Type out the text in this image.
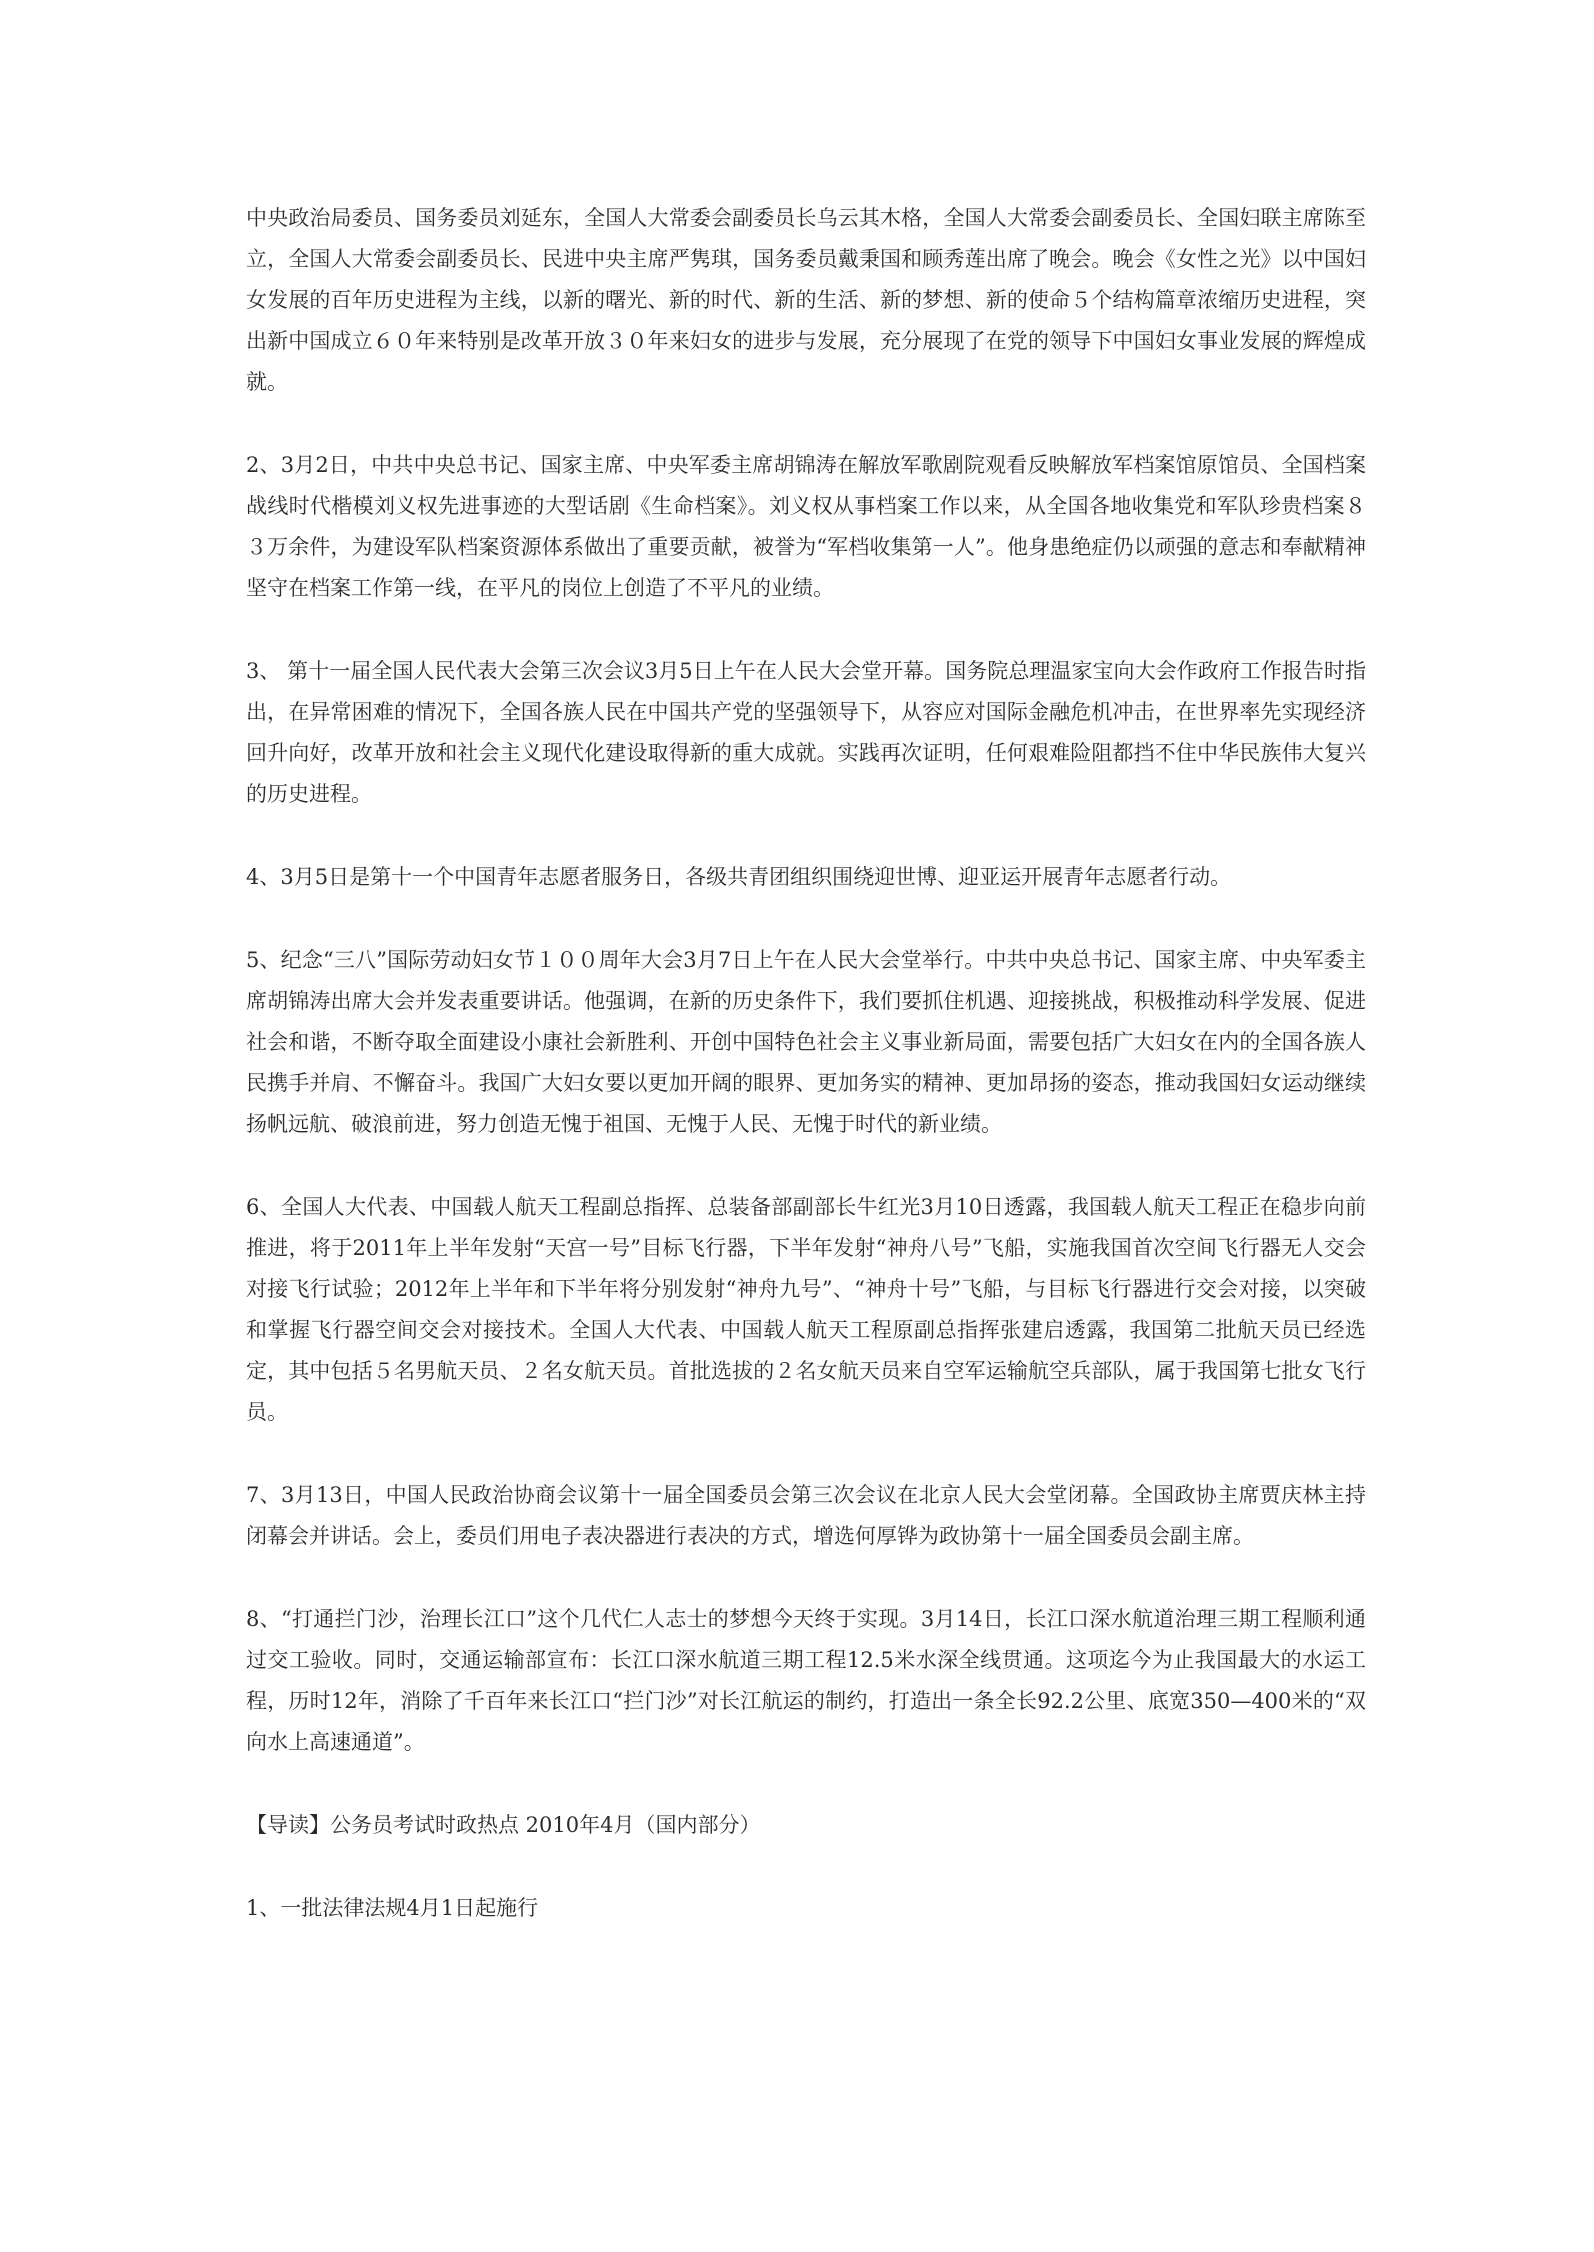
中央政治局委员、国务委员刘延东，全国人大常委会副委员长乌云其木格，全国人大常委会副委员长、全国妇联主席陈至立，全国人大常委会副委员长、民进中央主席严隽琪，国务委员戴秉国和顾秀莲出席了晚会。晚会《女性之光》以中国妇女发展的百年历史进程为主线，以新的曙光、新的时代、新的生活、新的梦想、新的使命５个结构篇章浓缩历史进程，突出新中国成立６０年来特别是改革开放３０年来妇女的进步与发展，充分展现了在党的领导下中国妇女事业发展的辉煌成就。

2、3月2日，中共中央总书记、国家主席、中央军委主席胡锦涛在解放军歌剧院观看反映解放军档案馆原馆员、全国档案战线时代楷模刘义权先进事迹的大型话剧《生命档案》。刘义权从事档案工作以来，从全国各地收集党和军队珍贵档案８３万余件，为建设军队档案资源体系做出了重要贡献，被誉为“军档收集第一人”。他身患绝症仍以顽强的意志和奉献精神坚守在档案工作第一线，在平凡的岗位上创造了不平凡的业绩。

3、 第十一届全国人民代表大会第三次会议3月5日上午在人民大会堂开幕。国务院总理温家宝向大会作政府工作报告时指出，在异常困难的情况下，全国各族人民在中国共产党的坚强领导下，从容应对国际金融危机冲击，在世界率先实现经济回升向好，改革开放和社会主义现代化建设取得新的重大成就。实践再次证明，任何艰难险阻都挡不住中华民族伟大复兴的历史进程。

4、3月5日是第十一个中国青年志愿者服务日，各级共青团组织围绕迎世博、迎亚运开展青年志愿者行动。

5、纪念“三八”国际劳动妇女节１００周年大会3月7日上午在人民大会堂举行。中共中央总书记、国家主席、中央军委主席胡锦涛出席大会并发表重要讲话。他强调，在新的历史条件下，我们要抓住机遇、迎接挑战，积极推动科学发展、促进社会和谐，不断夺取全面建设小康社会新胜利、开创中国特色社会主义事业新局面，需要包括广大妇女在内的全国各族人民携手并肩、不懈奋斗。我国广大妇女要以更加开阔的眼界、更加务实的精神、更加昂扬的姿态，推动我国妇女运动继续扬帆远航、破浪前进，努力创造无愧于祖国、无愧于人民、无愧于时代的新业绩。

6、全国人大代表、中国载人航天工程副总指挥、总装备部副部长牛红光3月10日透露，我国载人航天工程正在稳步向前推进，将于2011年上半年发射“天宫一号”目标飞行器，下半年发射“神舟八号”飞船，实施我国首次空间飞行器无人交会对接飞行试验；2012年上半年和下半年将分别发射“神舟九号”、“神舟十号”飞船，与目标飞行器进行交会对接，以突破和掌握飞行器空间交会对接技术。全国人大代表、中国载人航天工程原副总指挥张建启透露，我国第二批航天员已经选定，其中包括５名男航天员、２名女航天员。首批选拔的２名女航天员来自空军运输航空兵部队，属于我国第七批女飞行员。

7、3月13日，中国人民政治协商会议第十一届全国委员会第三次会议在北京人民大会堂闭幕。全国政协主席贾庆林主持闭幕会并讲话。会上，委员们用电子表决器进行表决的方式，增选何厚铧为政协第十一届全国委员会副主席。

8、“打通拦门沙，治理长江口”这个几代仁人志士的梦想今天终于实现。3月14日，长江口深水航道治理三期工程顺利通过交工验收。同时，交通运输部宣布：长江口深水航道三期工程12.5米水深全线贯通。这项迄今为止我国最大的水运工程，历时12年，消除了千百年来长江口“拦门沙”对长江航运的制约，打造出一条全长92.2公里、底宽350—400米的“双向水上高速通道”。

【导读】公务员考试时政热点 2010年4月（国内部分）

1、一批法律法规4月1日起施行
